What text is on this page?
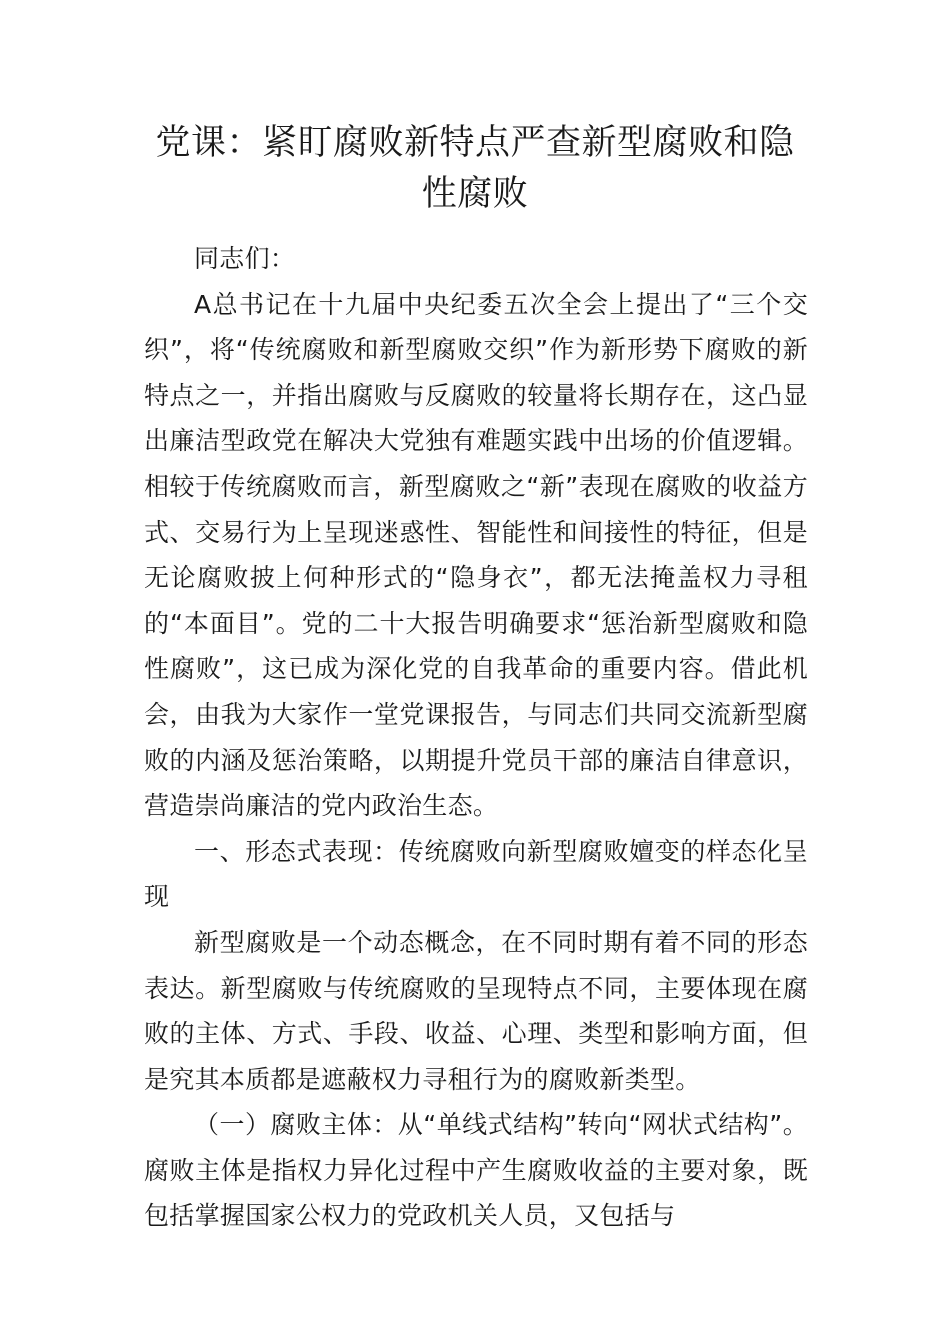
党课：紧盯腐败新特点严查新型腐败和隐性腐败

同志们：

A总书记在十九届中央纪委五次全会上提出了“三个交织”，将“传统腐败和新型腐败交织”作为新形势下腐败的新特点之一，并指出腐败与反腐败的较量将长期存在，这凸显出廉洁型政党在解决大党独有难题实践中出场的价值逻辑。相较于传统腐败而言，新型腐败之“新”表现在腐败的收益方式、交易行为上呈现迷惑性、智能性和间接性的特征，但是无论腐败披上何种形式的“隐身衣”，都无法掩盖权力寻租的“本面目”。党的二十大报告明确要求“惩治新型腐败和隐性腐败”，这已成为深化党的自我革命的重要内容。借此机会，由我为大家作一堂党课报告，与同志们共同交流新型腐败的内涵及惩治策略，以期提升党员干部的廉洁自律意识，营造崇尚廉洁的党内政治生态。

一、形态式表现：传统腐败向新型腐败嬗变的样态化呈现

新型腐败是一个动态概念，在不同时期有着不同的形态表达。新型腐败与传统腐败的呈现特点不同，主要体现在腐败的主体、方式、手段、收益、心理、类型和影响方面，但是究其本质都是遮蔽权力寻租行为的腐败新类型。

（一）腐败主体：从“单线式结构”转向“网状式结构”。腐败主体是指权力异化过程中产生腐败收益的主要对象，既包括掌握国家公权力的党政机关人员，又包括与
